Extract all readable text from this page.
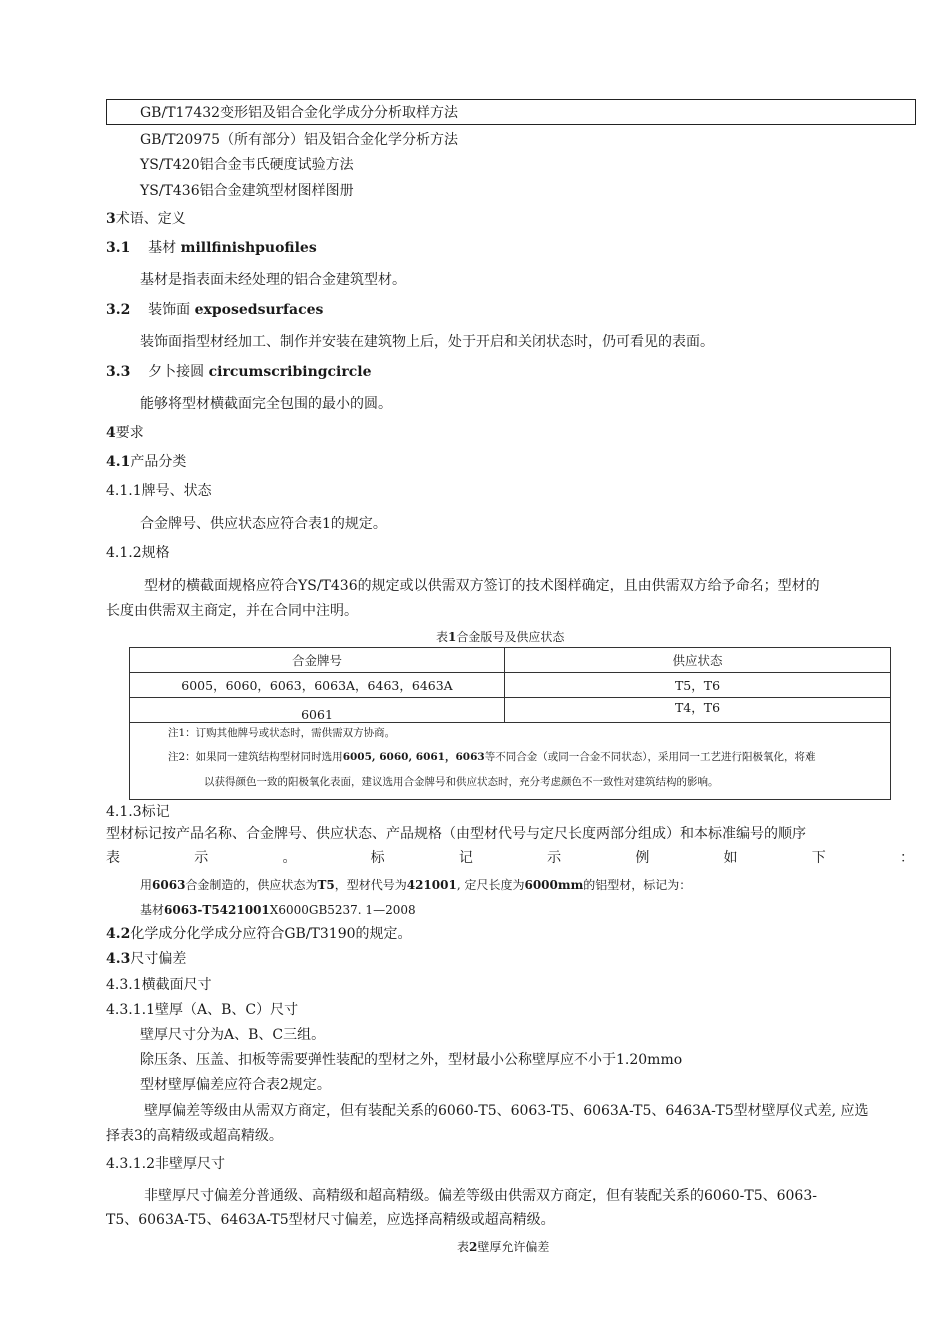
GB/T17432变形铝及铝合金化学成分分析取样方法
GB/T20975（所有部分）铝及铝合金化学分析方法
YS/T420铝合金韦氏硬度试验方法
YS/T436铝合金建筑型材图样图册
3术语、定义
3.1 基材 millfinishpuofiles
基材是指表面未经处理的铝合金建筑型材。
3.2 装饰面 exposedsurfaces
装饰面指型材经加工、制作并安装在建筑物上后，处于开启和关闭状态时，仍可看见的表面。
3.3 夕卜接圆 circumscribingcircle
能够将型材横截面完全包围的最小的圆。
4要求
4.1产品分类
4.1.1牌号、状态
合金牌号、供应状态应符合表1的规定。
4.1.2规格
型材的横截面规格应符合YS/T436的规定或以供需双方签订的技术图样确定，且由供需双方给予命名；型材的
长度由供需双主商定，并在合同中注明。
表1合金版号及供应状态
合金牌号	供应状态
6005，6060，6063，6063A，6463，6463A	T5，T6
6061	T4，T6

注1：订购其他牌号或状态时，需供需双方协商。
注2：如果同一建筑结构型材同时选用6005, 6060, 6061，6063等不同合金（或同一合金不同状态），采用同一工艺进行阳极氧化，将难
以获得颜色一致的阳极氧化表面，建议选用合金牌号和供应状态时，充分考虑颜色不一致性对建筑结构的影响。	
4.1.3标记
型材标记按产品名称、合金牌号、供应状态、产品规格（由型材代号与定尺长度两部分组成）和本标准编号的顺序
表	示	。	标	记	示	例	如	下	：
用6063合金制造的，供应状态为T5，型材代号为421001, 定尺长度为6000mm的铝型材，标记为：
基材6063-T5421001X6000GB5237. 1—2008
4.2化学成分化学成分应符合GB/T3190的规定。
4.3尺寸偏差
4.3.1横截面尺寸
4.3.1.1壁厚（A、B、C）尺寸
壁厚尺寸分为A、B、C三组。
除压条、压盖、扣板等需要弹性装配的型材之外，型材最小公称壁厚应不小于1.20mmo
型材壁厚偏差应符合表2规定。
壁厚偏差等级由从需双方商定，但有装配关系的6060-T5、6063-T5、6063A-T5、6463A-T5型材壁厚仪式差, 应选
择表3的高精级或超高精级。
4.3.1.2非壁厚尺寸
非壁厚尺寸偏差分普通级、高精级和超高精级。偏差等级由供需双方商定，但有装配关系的6060-T5、6063-
T5、6063A-T5、6463A-T5型材尺寸偏差，应选择高精级或超高精级。
表2壁厚允许偏差
